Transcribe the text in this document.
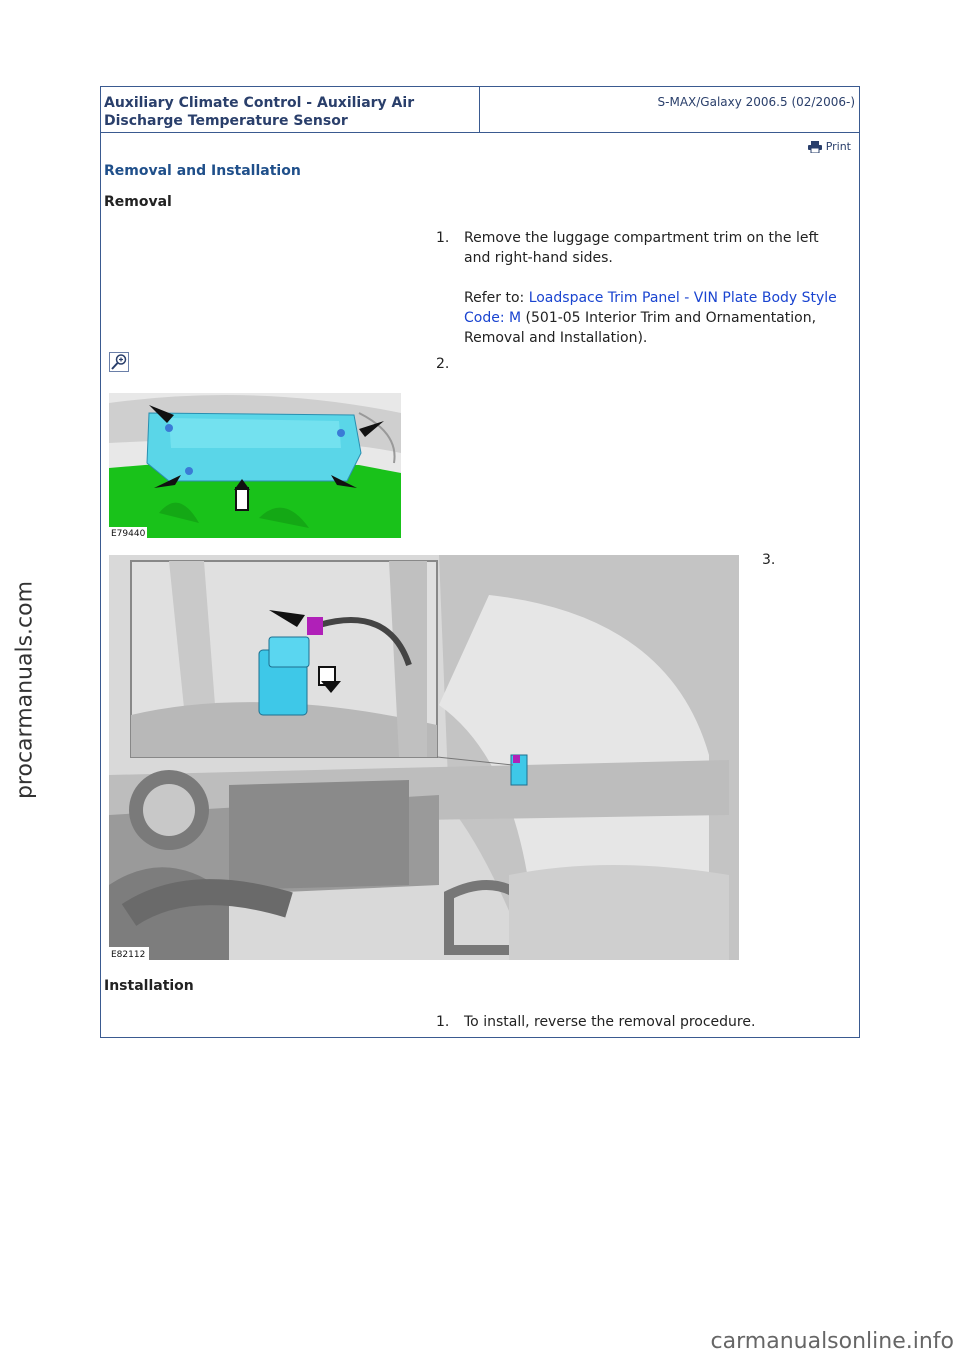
Auxiliary Climate Control - Auxiliary Air Discharge Temperature Sensor
S-MAX/Galaxy 2006.5 (02/2006-)
Print
Removal and Installation
Removal
1. Remove the luggage compartment trim on the left and right-hand sides.
Refer to: Loadspace Trim Panel - VIN Plate Body Style Code: M (501-05 Interior Trim and Ornamentation, Removal and Installation).
2.
E79440
E82112
3.
Installation
1. To install, reverse the removal procedure.
procarmanuals.com
carmanualsonline.info
